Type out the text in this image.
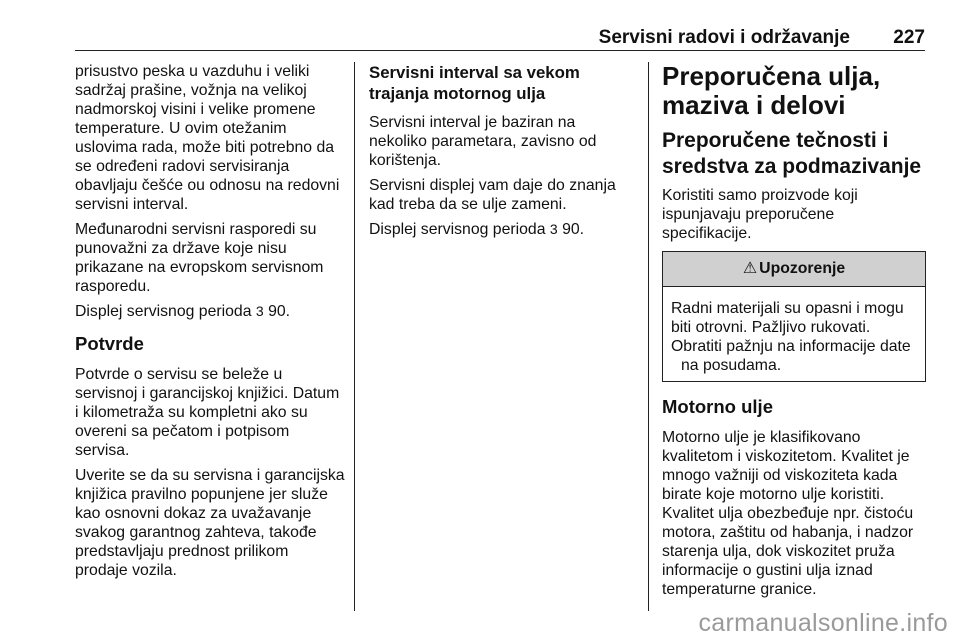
Servisni radovi i održavanje 227

prisustvo peska u vazduhu i veliki sadržaj prašine, vožnja na velikoj nadmorskoj visini i velike promene temperature. U ovim otežanim uslovima rada, može biti potrebno da se određeni radovi servisiranja obavljaju češće ou odnosu na redovni servisni interval.

Međunarodni servisni rasporedi su punovažni za države koje nisu prikazane na evropskom servisnom rasporedu.

Displej servisnog perioda 3 90.

Potvrde

Potvrde o servisu se beleže u servisnoj i garancijskoj knjižici. Datum i kilometraža su kompletni ako su overeni sa pečatom i potpisom servisa.

Uverite se da su servisna i garancijska knjižica pravilno popunjene jer služe kao osnovni dokaz za uvažavanje svakog garantnog zahteva, takođe predstavljaju prednost prilikom prodaje vozila.

Servisni interval sa vekom trajanja motornog ulja

Servisni interval je baziran na nekoliko parametara, zavisno od korištenja.

Servisni displej vam daje do znanja kad treba da se ulje zameni.

Displej servisnog perioda 3 90.

Preporučena ulja, maziva i delovi
Preporučene tečnosti i sredstva za podmazivanje

Koristiti samo proizvode koji ispunjavaju preporučene specifikacije.

⚠ Upozorenje

Radni materijali su opasni i mogu biti otrovni. Pažljivo rukovati.

Obratiti pažnju na informacije date na posudama.

Motorno ulje

Motorno ulje je klasifikovano kvalitetom i viskozitetom. Kvalitet je mnogo važniji od viskoziteta kada birate koje motorno ulje koristiti. Kvalitet ulja obezbeđuje npr. čistoću motora, zaštitu od habanja, i nadzor starenja ulja, dok viskozitet pruža informacije o gustini ulja iznad temperaturne granice.

carmanualsonline.info
